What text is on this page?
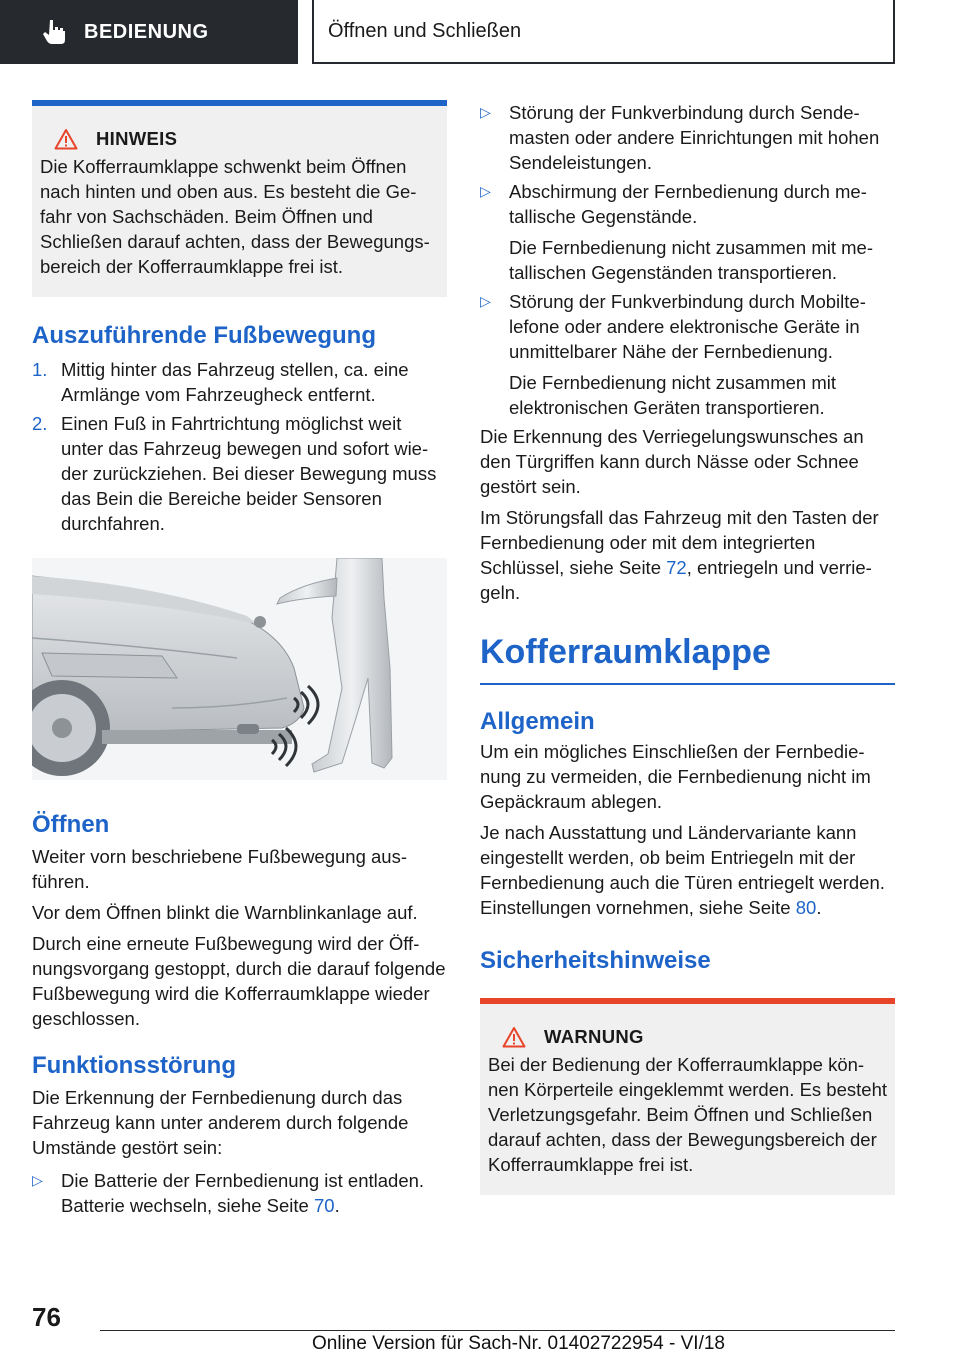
BEDIENUNG	Öffnen und Schließen
HINWEIS

Die Kofferraumklappe schwenkt beim Öffnen nach hinten und oben aus. Es besteht die Gefahr von Sachschäden. Beim Öffnen und Schließen darauf achten, dass der Bewegungsbereich der Kofferraumklappe frei ist.

Auszuführende Fußbewegung
1. Mittig hinter das Fahrzeug stellen, ca. eine Armlänge vom Fahrzeugheck entfernt.

2. Einen Fuß in Fahrtrichtung möglichst weit unter das Fahrzeug bewegen und sofort wieder zurückziehen. Bei dieser Bewegung muss das Bein die Bereiche beider Sensoren durchfahren.

Öffnen

Weiter vorn beschriebene Fußbewegung ausführen.

Vor dem Öffnen blinkt die Warnblinkanlage auf.

Durch eine erneute Fußbewegung wird der Öffnungsvorgang gestoppt, durch die darauf folgende Fußbewegung wird die Kofferraumklappe wieder geschlossen.

Funktionsstörung

Die Erkennung der Fernbedienung durch das Fahrzeug kann unter anderem durch folgende Umstände gestört sein:

▷ Die Batterie der Fernbedienung ist entladen. Batterie wechseln, siehe Seite 70.

▷ Störung der Funkverbindung durch Sendemasten oder andere Einrichtungen mit hohen Sendeleistungen.

▷ Abschirmung der Fernbedienung durch metallische Gegenstände.

Die Fernbedienung nicht zusammen mit metallischen Gegenständen transportieren.

▷ Störung der Funkverbindung durch Mobiltelefone oder andere elektronische Geräte in unmittelbarer Nähe der Fernbedienung.

Die Fernbedienung nicht zusammen mit elektronischen Geräten transportieren.

Die Erkennung des Verriegelungswunsches an den Türgriffen kann durch Nässe oder Schnee gestört sein.

Im Störungsfall das Fahrzeug mit den Tasten der Fernbedienung oder mit dem integrierten Schlüssel, siehe Seite 72, entriegeln und verriegeln.

Kofferraumklappe
Allgemein

Um ein mögliches Einschließen der Fernbedienung zu vermeiden, die Fernbedienung nicht im Gepäckraum ablegen.

Je nach Ausstattung und Ländervariante kann eingestellt werden, ob beim Entriegeln mit der Fernbedienung auch die Türen entriegelt werden. Einstellungen vornehmen, siehe Seite 80.

Sicherheitshinweise
WARNUNG

Bei der Bedienung der Kofferraumklappe können Körperteile eingeklemmt werden. Es besteht Verletzungsgefahr. Beim Öffnen und Schließen darauf achten, dass der Bewegungsbereich der Kofferraumklappe frei ist.

76
Online Version für Sach-Nr. 01402722954 - VI/18
